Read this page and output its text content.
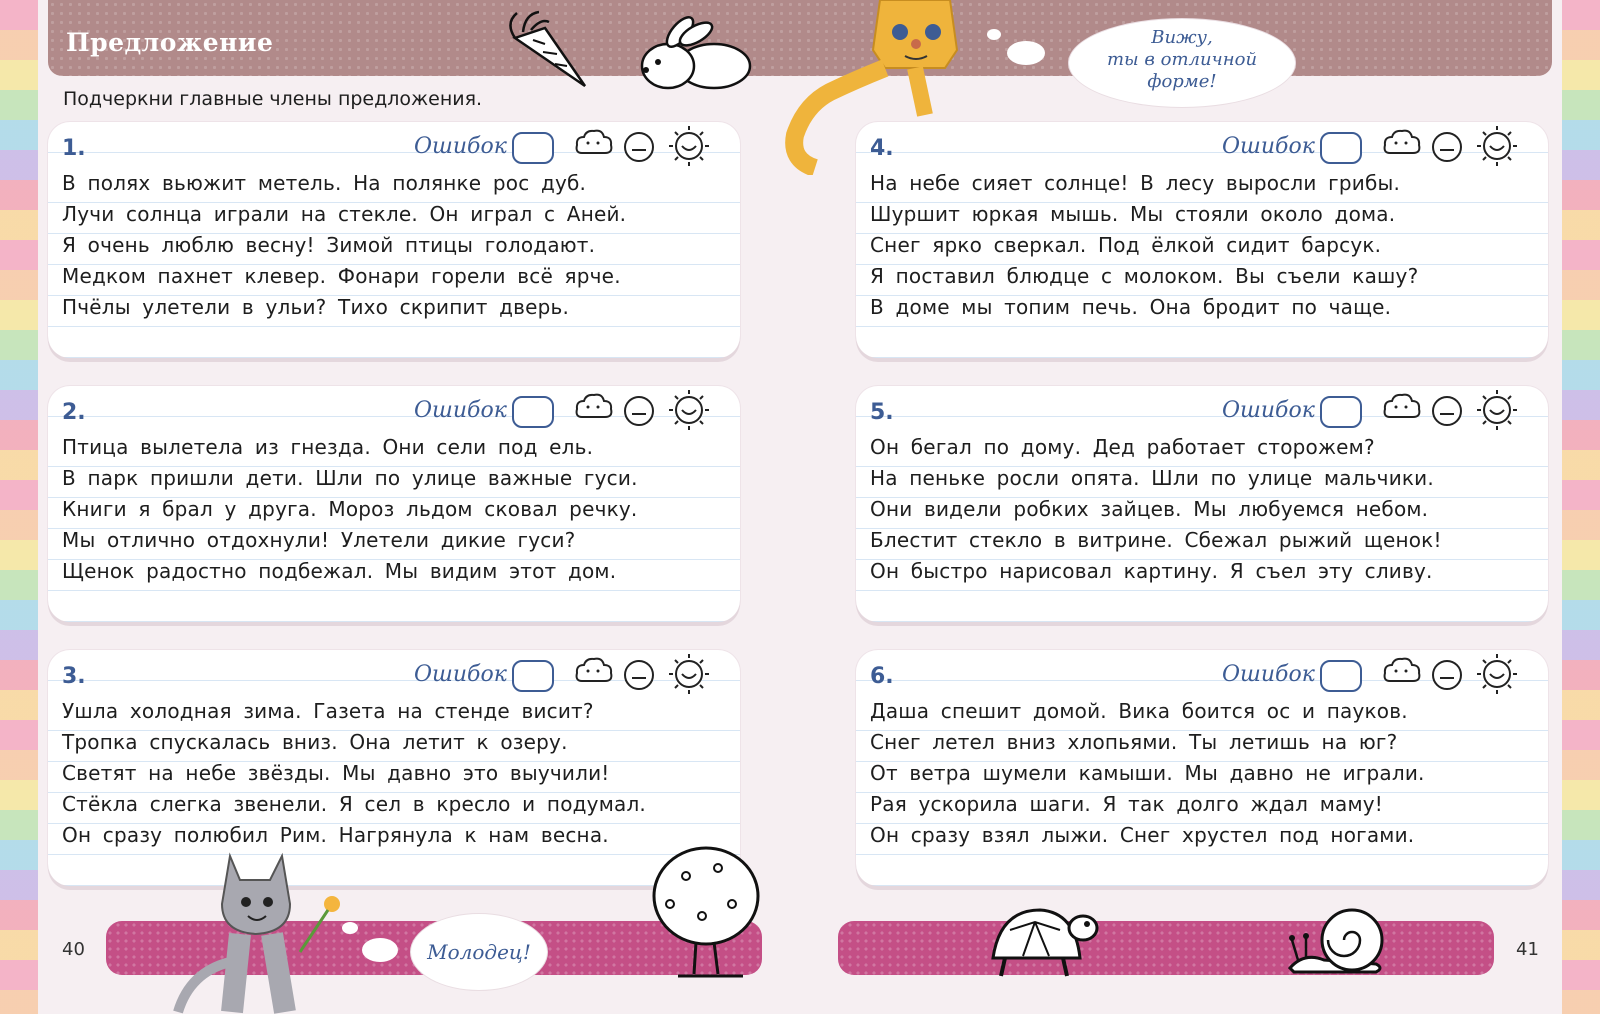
Предложение	Вижу,
ты в отличной
форме!
Подчеркни главные члены предложения.
1.	Ошибок
В полях вьюжит метель. На полянке рос дуб.
Лучи солнца играли на стекле. Он играл с Аней.
Я очень люблю весну! Зимой птицы голодают.
Медком пахнет клевер. Фонари горели всё ярче.
Пчёлы улетели в ульи? Тихо скрипит дверь.
2.	Ошибок
Птица вылетела из гнезда. Они сели под ель.
В парк пришли дети. Шли по улице важные гуси.
Книги я брал у друга. Мороз льдом сковал речку.
Мы отлично отдохнули! Улетели дикие гуси?
Щенок радостно подбежал. Мы видим этот дом.
3.	Ошибок
Ушла холодная зима. Газета на стенде висит?
Тропка спускалась вниз. Она летит к озеру.
Светят на небе звёзды. Мы давно это выучили!
Стёкла слегка звенели. Я сел в кресло и подумал.
Он сразу полюбил Рим. Нагрянула к нам весна.
4.	Ошибок
На небе сияет солнце! В лесу выросли грибы.
Шуршит юркая мышь. Мы стояли около дома.
Снег ярко сверкал. Под ёлкой сидит барсук.
Я поставил блюдце с молоком. Вы съели кашу?
В доме мы топим печь. Она бродит по чаще.
5.	Ошибок
Он бегал по дому. Дед работает сторожем?
На пеньке росли опята. Шли по улице мальчики.
Они видели робких зайцев. Мы любуемся небом.
Блестит стекло в витрине. Сбежал рыжий щенок!
Он быстро нарисовал картину. Я съел эту сливу.
6.	Ошибок
Даша спешит домой. Вика боится ос и пауков.
Снег летел вниз хлопьями. Ты летишь на юг?
От ветра шумели камыши. Мы давно не играли.
Рая ускорила шаги. Я так долго ждал маму!
Он сразу взял лыжи. Снег хрустел под ногами.
40	41
Молодец!
